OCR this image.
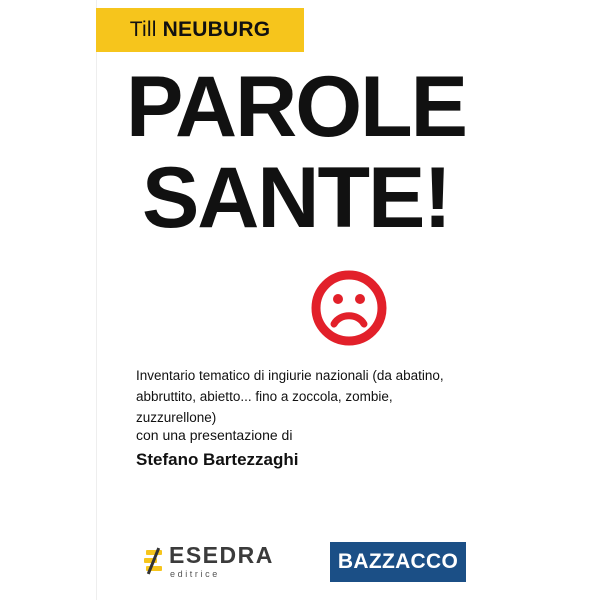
Till NEUBURG
PAROLE
SANTE!
Inventario tematico di ingiurie nazionali (da abatino, abbruttito, abietto... fino a zoccola, zombie, zuzzurellone)
con una presentazione di
Stefano Bartezzaghi
ESEDRA
editrice
BAZZACCO
